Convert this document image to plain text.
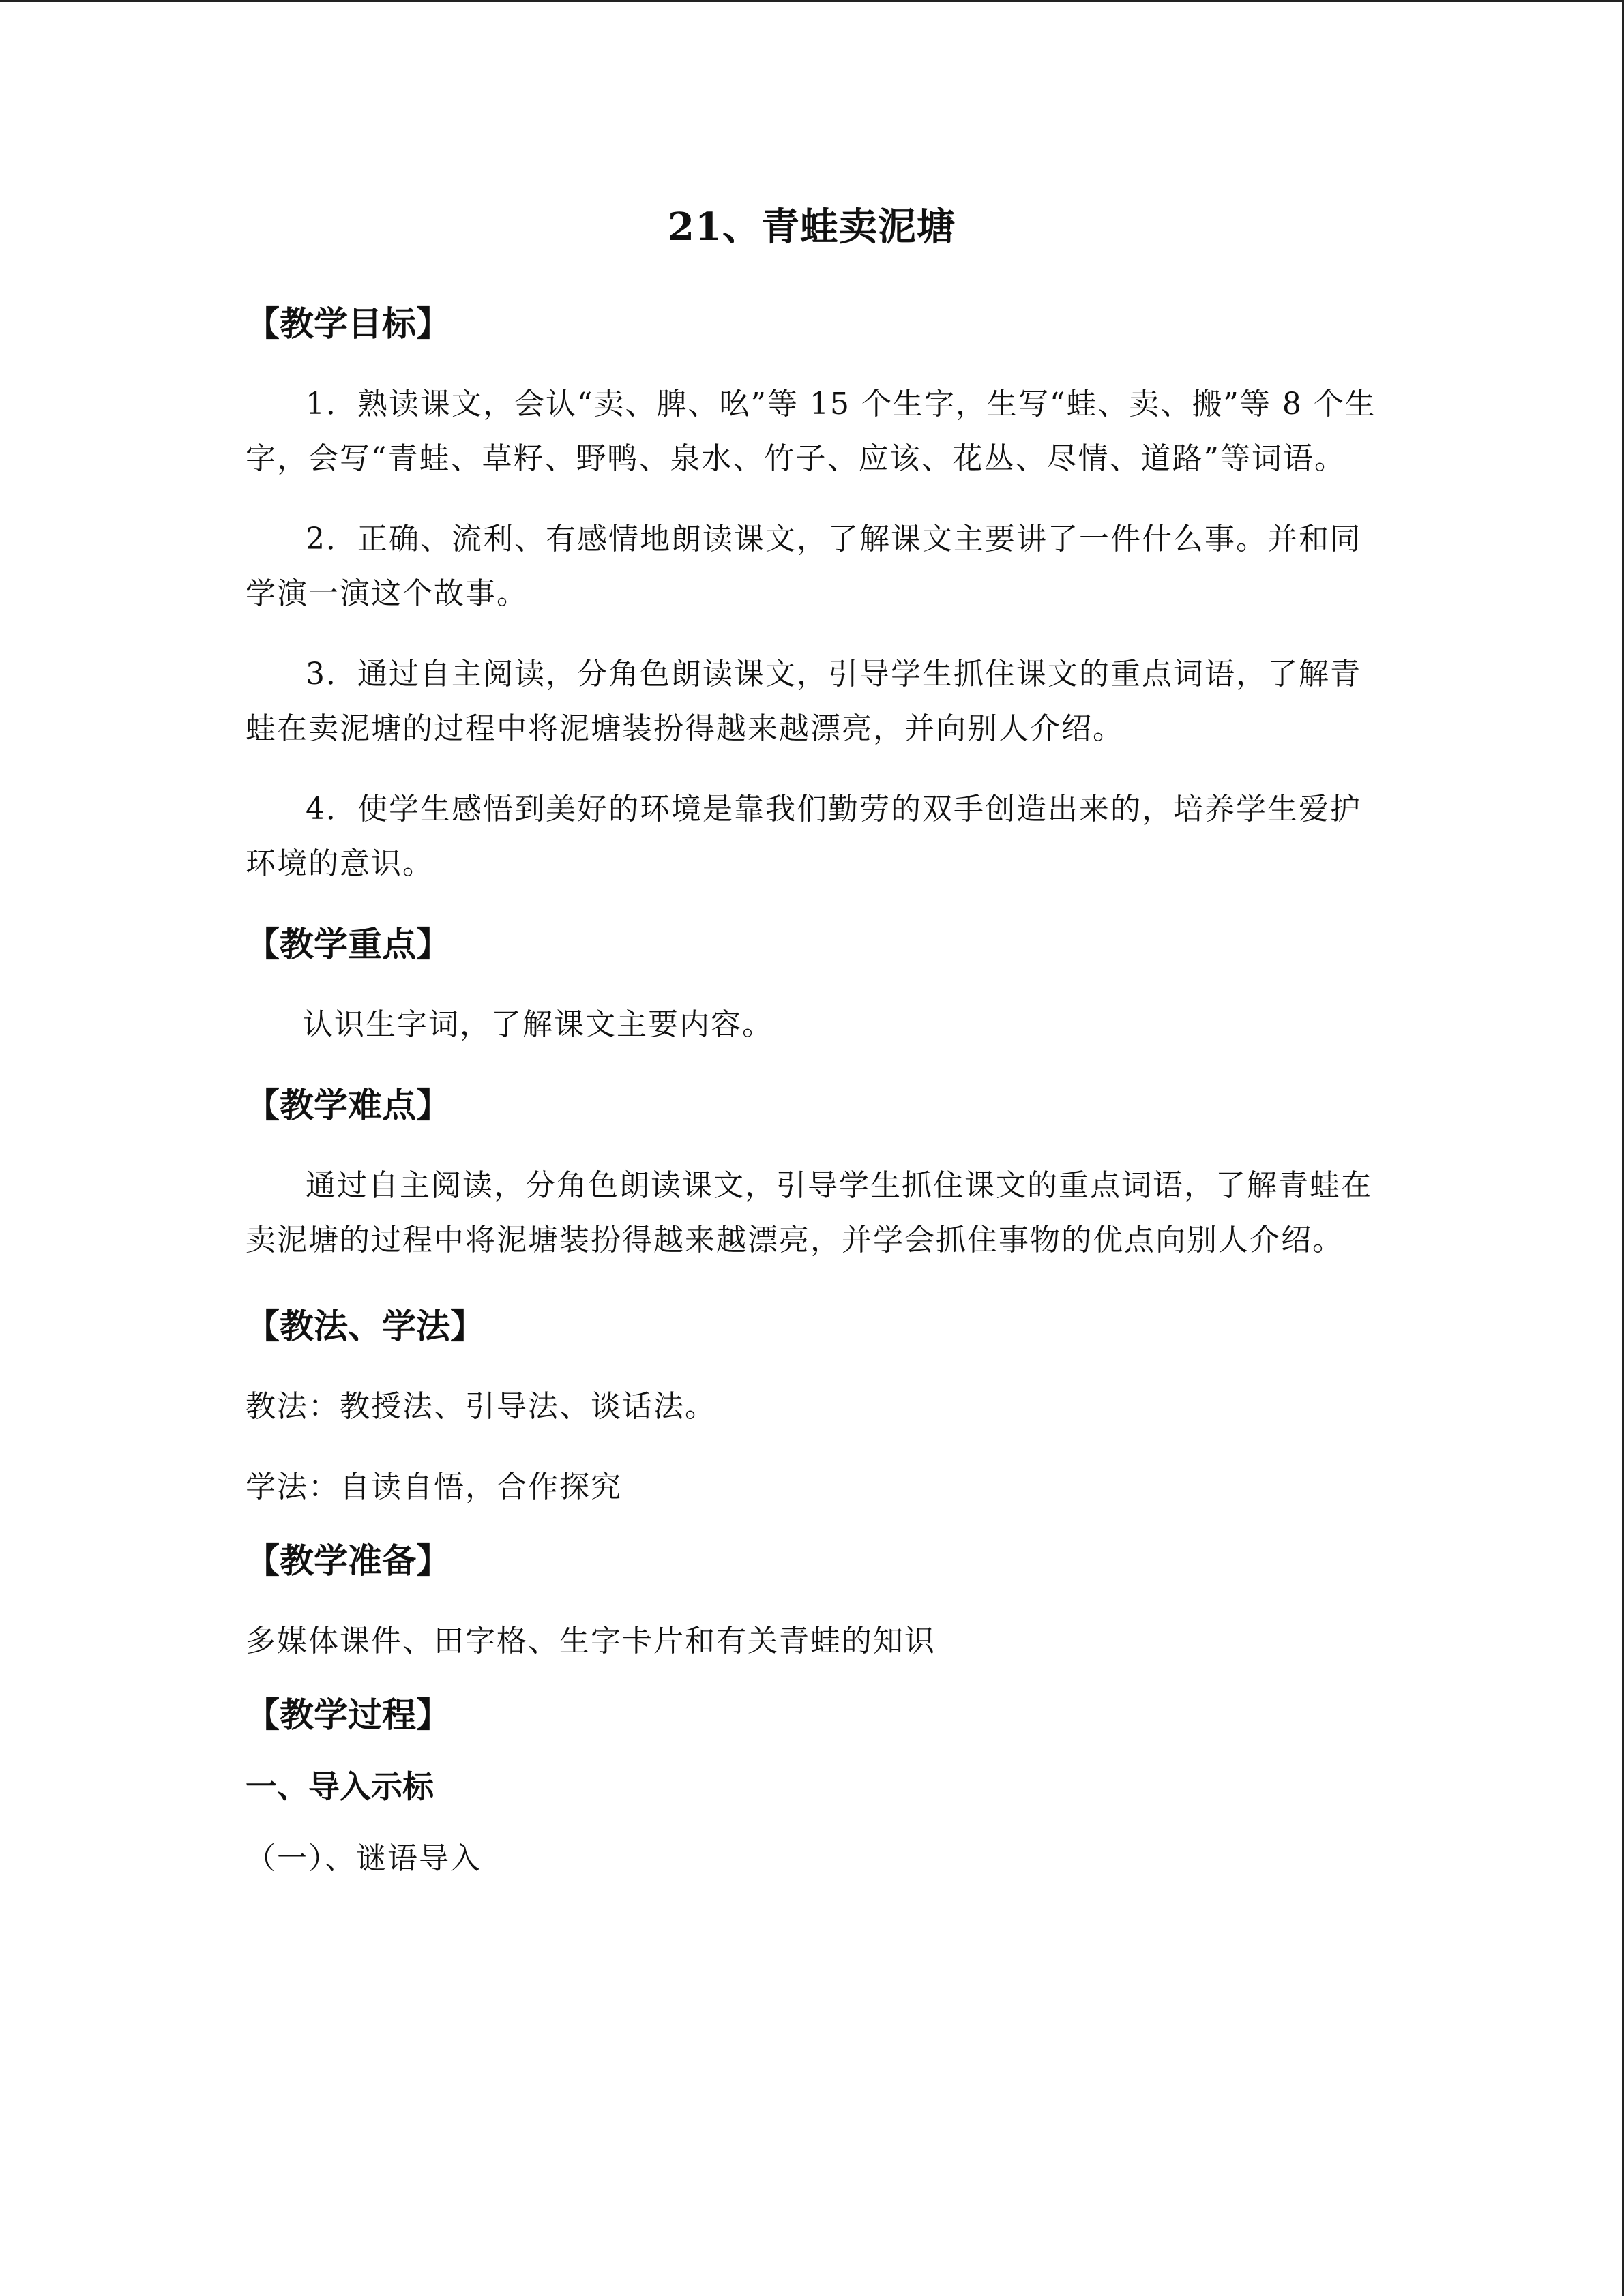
21、青蛙卖泥塘
【教学目标】

1．熟读课文，会认“卖、脾、吆”等 15 个生字，生写“蛙、卖、搬”等 8 个生字，会写“青蛙、草籽、野鸭、泉水、竹子、应该、花丛、尽情、道路”等词语。

2．正确、流利、有感情地朗读课文，了解课文主要讲了一件什么事。并和同学演一演这个故事。

3．通过自主阅读，分角色朗读课文，引导学生抓住课文的重点词语，了解青蛙在卖泥塘的过程中将泥塘装扮得越来越漂亮，并向别人介绍。

4．使学生感悟到美好的环境是靠我们勤劳的双手创造出来的，培养学生爱护环境的意识。

【教学重点】

认识生字词，了解课文主要内容。

【教学难点】

通过自主阅读，分角色朗读课文，引导学生抓住课文的重点词语，了解青蛙在卖泥塘的过程中将泥塘装扮得越来越漂亮，并学会抓住事物的优点向别人介绍。

【教法、学法】

教法：教授法、引导法、谈话法。

学法：自读自悟，合作探究

【教学准备】

多媒体课件、田字格、生字卡片和有关青蛙的知识

【教学过程】
一、导入示标

（一）、谜语导入
